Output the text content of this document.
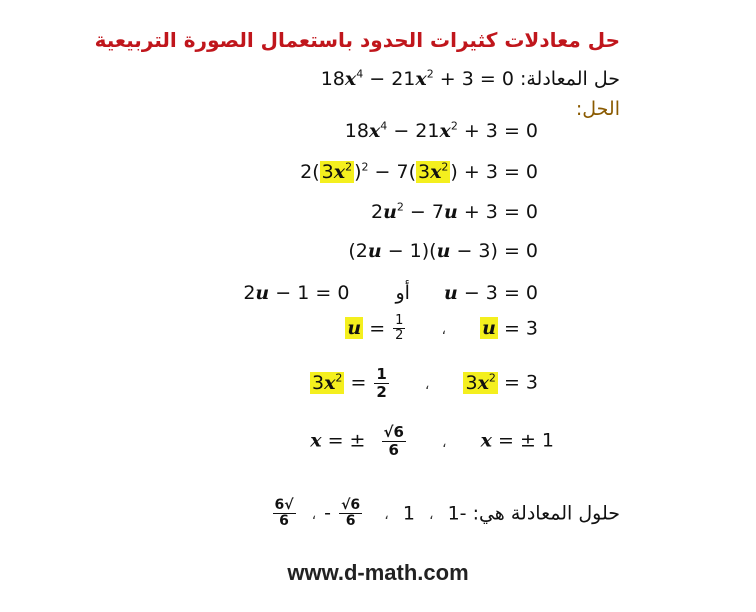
حل معادلات كثيرات الحدود باستعمال الصورة التربيعية
حل المعادلة: $18x^4 - 21x^2 + 3 = 0$
الحل:
$18x^4 - 21x^2 + 3 = 0$
2( $3x^2$ )$^2$ − 7( $3x^2$ ) + 3 = 0
$2u^2 - 7u + 3 = 0$
(2u − 1)(u − 3) = 0
2u − 1 = 0 أو u − 3 = 0
$u = \frac{1}{2}$	، u = 3
$3x^2 = \frac{1}{2}$	، $3x^2 = 3$
x = ± $\frac{√6}{6}$	، x = ± 1
حلول المعادلة هي: -1 ، 1 ، - $\frac{√6}{6}$
،
$\frac{√6}{6}$
www.d-math.com
